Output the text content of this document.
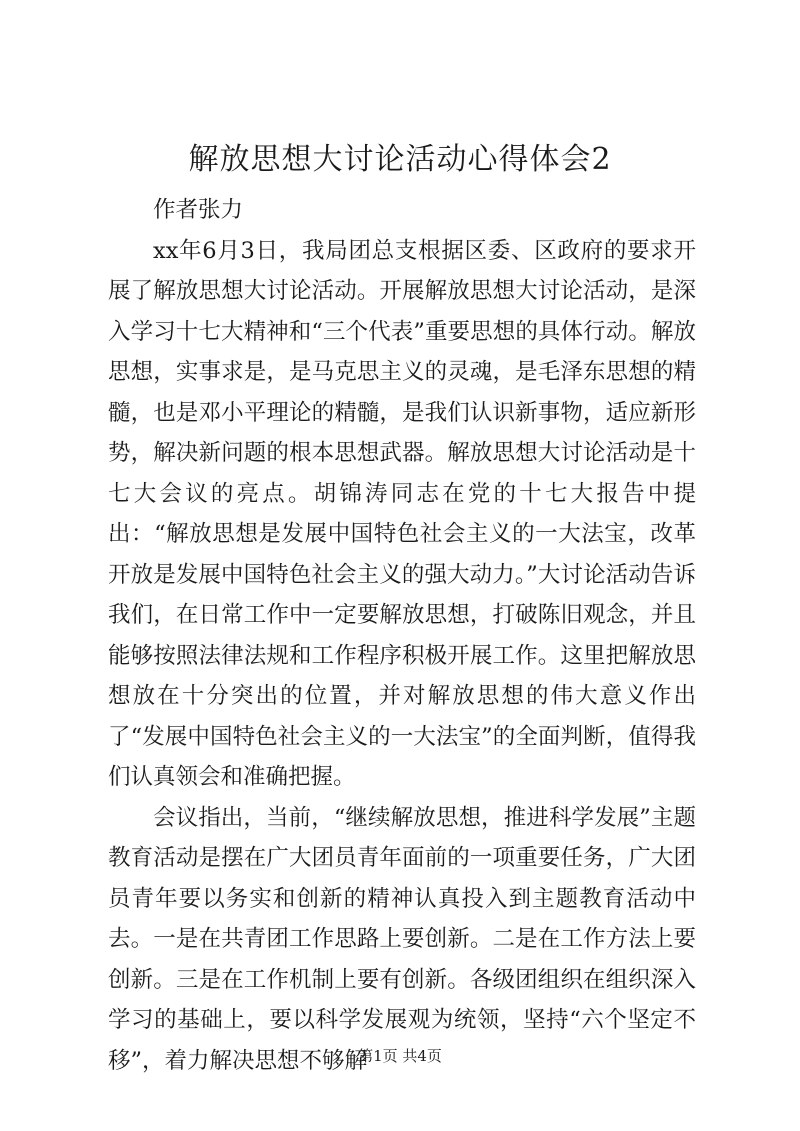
解放思想大讨论活动心得体会2

作者张力

xx年6月3日，我局团总支根据区委、区政府的要求开展了解放思想大讨论活动。开展解放思想大讨论活动，是深入学习十七大精神和“三个代表”重要思想的具体行动。解放思想，实事求是，是马克思主义的灵魂，是毛泽东思想的精髓，也是邓小平理论的精髓，是我们认识新事物，适应新形势，解决新问题的根本思想武器。解放思想大讨论活动是十七大会议的亮点。胡锦涛同志在党的十七大报告中提出：“解放思想是发展中国特色社会主义的一大法宝，改革开放是发展中国特色社会主义的强大动力。”大讨论活动告诉我们，在日常工作中一定要解放思想，打破陈旧观念，并且能够按照法律法规和工作程序积极开展工作。这里把解放思想放在十分突出的位置，并对解放思想的伟大意义作出了“发展中国特色社会主义的一大法宝”的全面判断，值得我们认真领会和准确把握。

会议指出，当前，“继续解放思想，推进科学发展”主题教育活动是摆在广大团员青年面前的一项重要任务，广大团员青年要以务实和创新的精神认真投入到主题教育活动中去。一是在共青团工作思路上要创新。二是在工作方法上要创新。三是在工作机制上要有创新。各级团组织在组织深入学习的基础上，要以科学发展观为统领，坚持“六个坚定不移”，着力解决思想不够解

第1页 共4页
